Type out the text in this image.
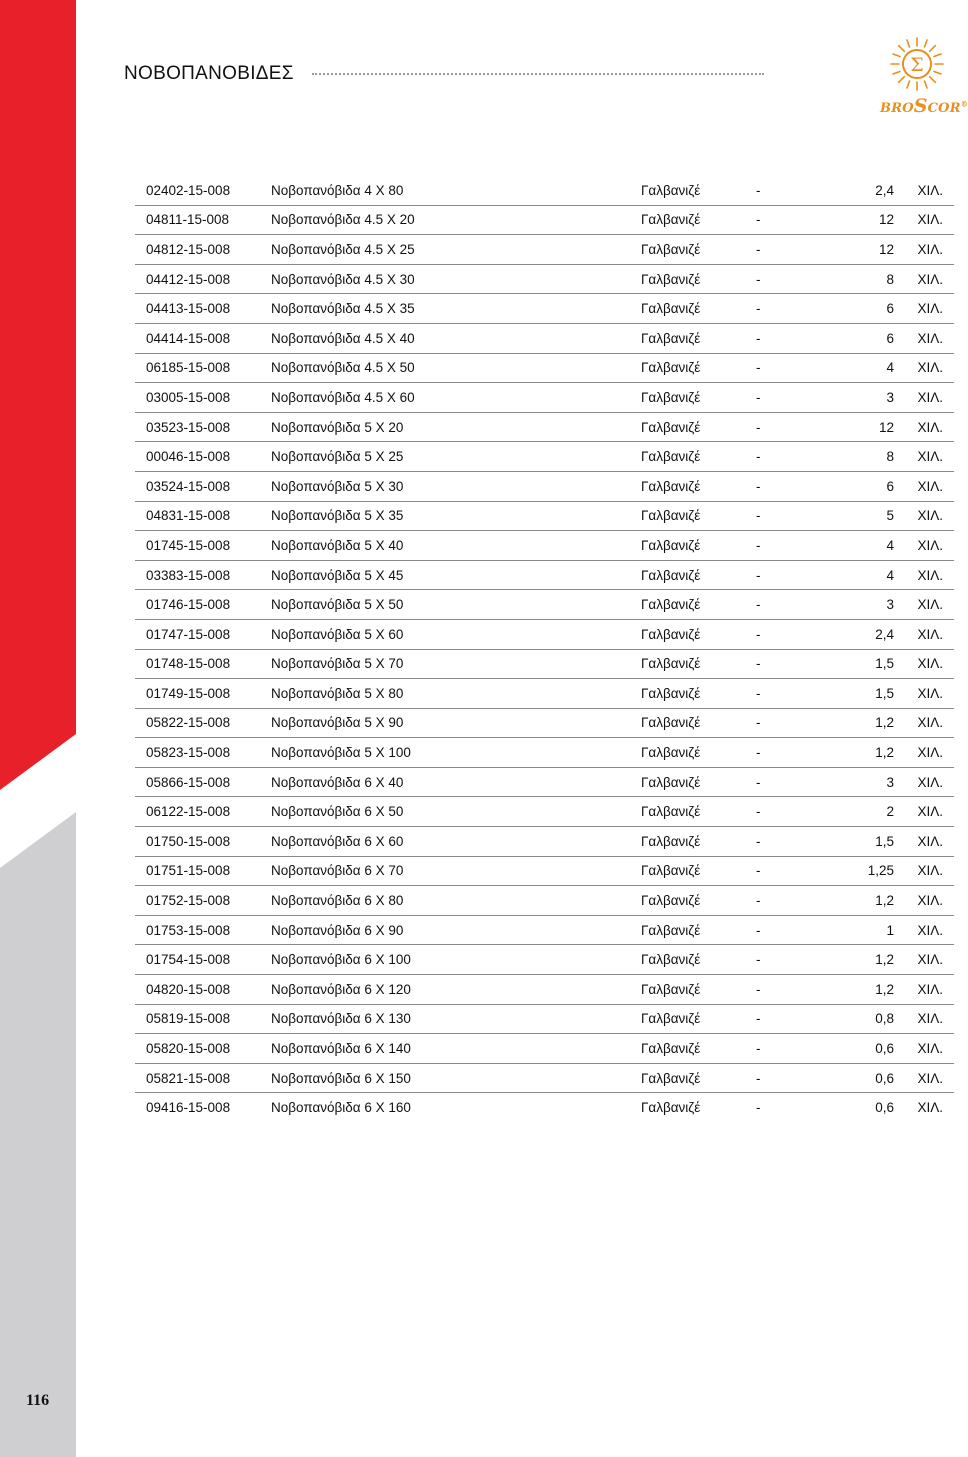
ΝΟΒΟΠΑΝΟΒΙΔΕΣ	Σ
BROSCOR®
02402-15-008	Νοβοπανόβιδα 4 Χ 80	Γαλβανιζέ	-	2,4	ΧΙΛ.
04811-15-008	Νοβοπανόβιδα 4.5 Χ 20	Γαλβανιζέ	-	12	ΧΙΛ.
04812-15-008	Νοβοπανόβιδα 4.5 Χ 25	Γαλβανιζέ	-	12	ΧΙΛ.
04412-15-008	Νοβοπανόβιδα 4.5 Χ 30	Γαλβανιζέ	-	8	ΧΙΛ.
04413-15-008	Νοβοπανόβιδα 4.5 Χ 35	Γαλβανιζέ	-	6	ΧΙΛ.
04414-15-008	Νοβοπανόβιδα 4.5 Χ 40	Γαλβανιζέ	-	6	ΧΙΛ.
06185-15-008	Νοβοπανόβιδα 4.5 Χ 50	Γαλβανιζέ	-	4	ΧΙΛ.
03005-15-008	Νοβοπανόβιδα 4.5 Χ 60	Γαλβανιζέ	-	3	ΧΙΛ.
03523-15-008	Νοβοπανόβιδα 5 Χ 20	Γαλβανιζέ	-	12	ΧΙΛ.
00046-15-008	Νοβοπανόβιδα 5 Χ 25	Γαλβανιζέ	-	8	ΧΙΛ.
03524-15-008	Νοβοπανόβιδα 5 Χ 30	Γαλβανιζέ	-	6	ΧΙΛ.
04831-15-008	Νοβοπανόβιδα 5 Χ 35	Γαλβανιζέ	-	5	ΧΙΛ.
01745-15-008	Νοβοπανόβιδα 5 Χ 40	Γαλβανιζέ	-	4	ΧΙΛ.
03383-15-008	Νοβοπανόβιδα 5 Χ 45	Γαλβανιζέ	-	4	ΧΙΛ.
01746-15-008	Νοβοπανόβιδα 5 Χ 50	Γαλβανιζέ	-	3	ΧΙΛ.
01747-15-008	Νοβοπανόβιδα 5 Χ 60	Γαλβανιζέ	-	2,4	ΧΙΛ.
01748-15-008	Νοβοπανόβιδα 5 Χ 70	Γαλβανιζέ	-	1,5	ΧΙΛ.
01749-15-008	Νοβοπανόβιδα 5 Χ 80	Γαλβανιζέ	-	1,5	ΧΙΛ.
05822-15-008	Νοβοπανόβιδα 5 Χ 90	Γαλβανιζέ	-	1,2	ΧΙΛ.
05823-15-008	Νοβοπανόβιδα 5 Χ 100	Γαλβανιζέ	-	1,2	ΧΙΛ.
05866-15-008	Νοβοπανόβιδα 6 Χ 40	Γαλβανιζέ	-	3	ΧΙΛ.
06122-15-008	Νοβοπανόβιδα 6 Χ 50	Γαλβανιζέ	-	2	ΧΙΛ.
01750-15-008	Νοβοπανόβιδα 6 Χ 60	Γαλβανιζέ	-	1,5	ΧΙΛ.
01751-15-008	Νοβοπανόβιδα 6 Χ 70	Γαλβανιζέ	-	1,25	ΧΙΛ.
01752-15-008	Νοβοπανόβιδα 6 Χ 80	Γαλβανιζέ	-	1,2	ΧΙΛ.
01753-15-008	Νοβοπανόβιδα 6 Χ 90	Γαλβανιζέ	-	1	ΧΙΛ.
01754-15-008	Νοβοπανόβιδα 6 Χ 100	Γαλβανιζέ	-	1,2	ΧΙΛ.
04820-15-008	Νοβοπανόβιδα 6 Χ 120	Γαλβανιζέ	-	1,2	ΧΙΛ.
05819-15-008	Νοβοπανόβιδα 6 Χ 130	Γαλβανιζέ	-	0,8	ΧΙΛ.
05820-15-008	Νοβοπανόβιδα 6 Χ 140	Γαλβανιζέ	-	0,6	ΧΙΛ.
05821-15-008	Νοβοπανόβιδα 6 Χ 150	Γαλβανιζέ	-	0,6	ΧΙΛ.
09416-15-008	Νοβοπανόβιδα 6 Χ 160	Γαλβανιζέ	-	0,6	ΧΙΛ.
116
